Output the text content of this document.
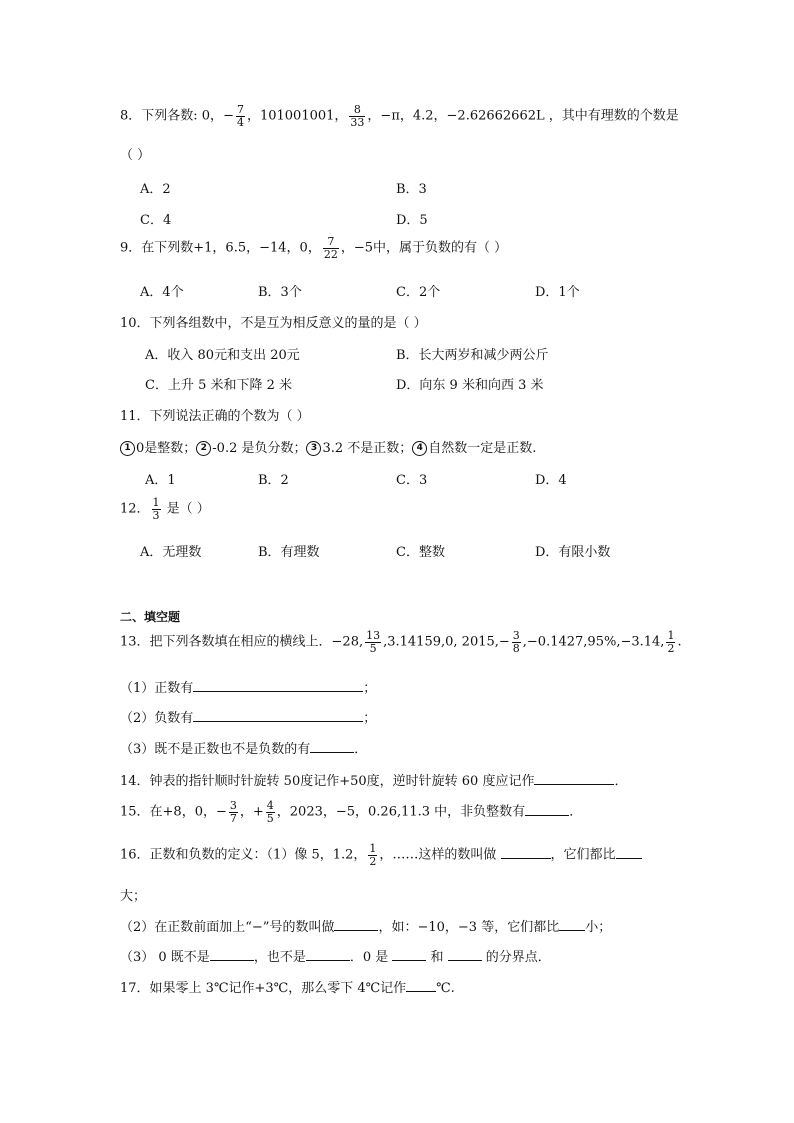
8．下列各数: 0，− $\frac{7}{4}$ ，101001001， $\frac{8}{33}$ ，−π，4.2，−2.62662662L ，其中有理数的个数是
（ ）
A．2	B．3
C．4	D．5
9．在下列数+1，6.5，−14，0， $\frac{7}{22}$ ，−5中，属于负数的有（ ）
A．4个	B．3个	C．2个	D．1个
10．下列各组数中，不是互为相反意义的量的是（ ）
A．收入 80元和支出 20元	B．长大两岁和减少两公斤
C．上升 5 米和下降 2 米	D．向东 9 米和向西 3 米
11．下列说法正确的个数为（ ）
1 0是整数； 2 -0.2 是负分数； 3 3.2 不是正数； 4 自然数一定是正数.
A．1	B．2	C．3	D．4
12． $\frac{1}{3}$ 是（ ）
A．无理数	B．有理数	C．整数	D．有限小数
二、填空题
13．把下列各数填在相应的横线上．−28, $\frac{13}{5} ,3.14159,0$, $2015,- \frac{3}{8} ,-0.1427,95\%,-3.14$, $\frac{1}{2}$ .
（1）正数有	；
（2）负数有	；
（3）既不是正数也不是负数的有	．
14．钟表的指针顺时针旋转 50度记作+50度，逆时针旋转 60 度应记作	．
15．在+8，0，− $\frac{3}{7}$ ，+ $\frac{4}{5}$ ，2023，−5，0.26,11.3 中，非负整数有	．
16．正数和负数的定义：（1）像 5，1.2， $\frac{1}{2}$ ，……这样的数叫做	，它们都比
大；
（2）在正数前面加上“−”号的数叫做	，如：−10，−3 等，它们都比 小；
（3） 0 既不是	，也不是	．0 是	和	的分界点．
17．如果零上 3℃记作+3℃，那么零下 4℃记作 ℃.
